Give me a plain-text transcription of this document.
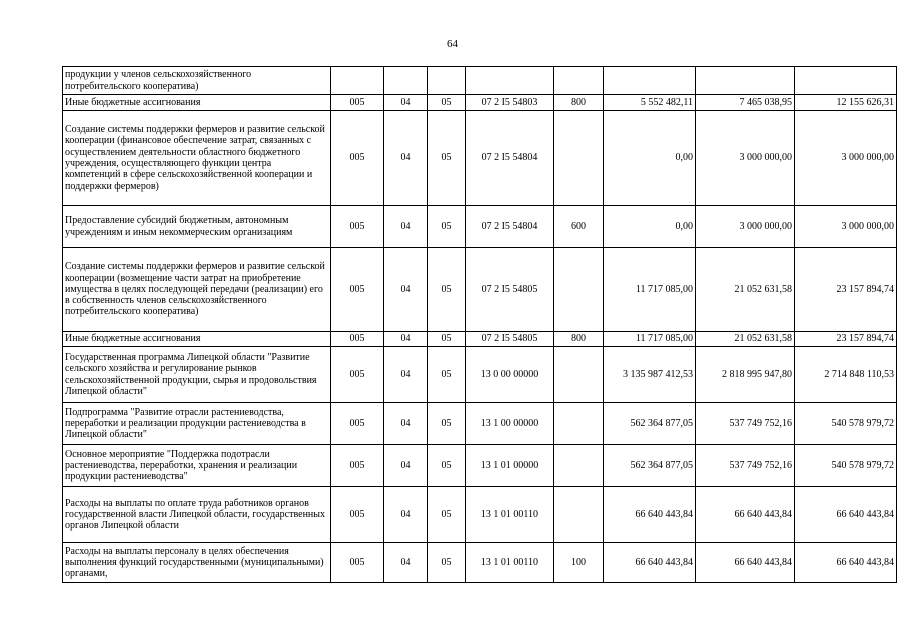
64
продукции у членов сельскохозяйственного потребительского кооператива)								
Иные бюджетные ассигнования	005	04	05	07 2 I5 54803	800	5 552 482,11	7 465 038,95	12 155 626,31
Создание системы поддержки фермеров и развитие сельской кооперации (финансовое обеспечение затрат, связанных с осуществлением деятельности областного бюджетного учреждения, осуществляющего функции центра компетенций в сфере сельскохозяйственной кооперации и поддержки фермеров)	005	04	05	07 2 I5 54804		0,00	3 000 000,00	3 000 000,00
Предоставление субсидий бюджетным, автономным учреждениям и иным некоммерческим организациям	005	04	05	07 2 I5 54804	600	0,00	3 000 000,00	3 000 000,00
Создание системы поддержки фермеров и развитие сельской кооперации (возмещение части затрат на приобретение имущества в целях последующей передачи (реализации) его в собственность членов сельскохозяйственного потребительского кооператива)	005	04	05	07 2 I5 54805		11 717 085,00	21 052 631,58	23 157 894,74
Иные бюджетные ассигнования	005	04	05	07 2 I5 54805	800	11 717 085,00	21 052 631,58	23 157 894,74
Государственная программа Липецкой области "Развитие сельского хозяйства и регулирование рынков сельскохозяйственной продукции, сырья и продовольствия Липецкой области"	005	04	05	13 0 00 00000		3 135 987 412,53	2 818 995 947,80	2 714 848 110,53
Подпрограмма "Развитие отрасли растениеводства, переработки и реализации продукции растениеводства в Липецкой области"	005	04	05	13 1 00 00000		562 364 877,05	537 749 752,16	540 578 979,72
Основное мероприятие "Поддержка подотрасли растениеводства, переработки, хранения и реализации продукции растениеводства"	005	04	05	13 1 01 00000		562 364 877,05	537 749 752,16	540 578 979,72
Расходы на выплаты по оплате труда работников органов государственной власти Липецкой области, государственных органов Липецкой области	005	04	05	13 1 01 00110		66 640 443,84	66 640 443,84	66 640 443,84
Расходы на выплаты персоналу в целях обеспечения выполнения функций государственными (муниципальными) органами,	005	04	05	13 1 01 00110	100	66 640 443,84	66 640 443,84	66 640 443,84
